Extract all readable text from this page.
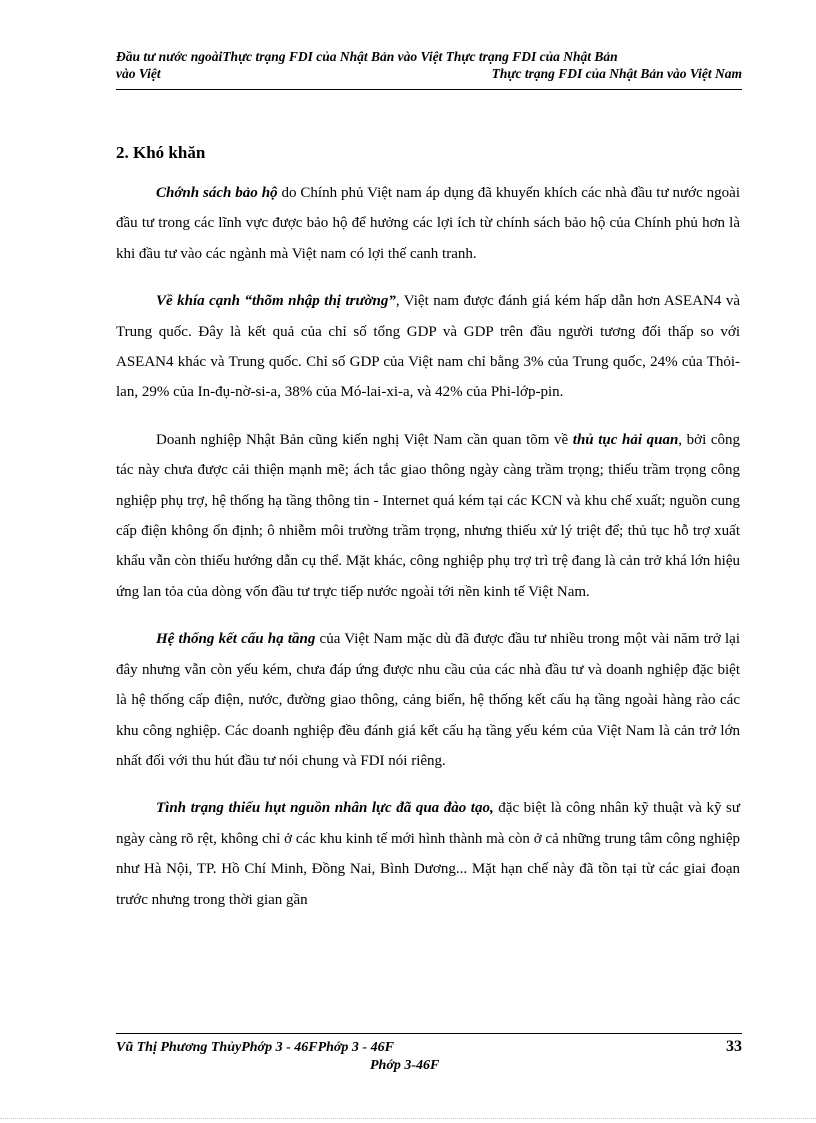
Đầu tư nước ngoàiThực trạng FDI của Nhật Bản vào Việt Thực trạng FDI của Nhật Bản
vào Việt	Thực trạng FDI của Nhật Bản vào Việt Nam
2. Khó khăn

Chớnh sách bảo hộ do Chính phủ Việt nam áp dụng đã khuyến khích các nhà đầu tư nước ngoài đầu tư trong các lĩnh vực được bảo hộ để hưởng các lợi ích từ chính sách bảo hộ của Chính phủ hơn là khi đầu tư vào các ngành mà Việt nam có lợi thế canh tranh.

Về khía cạnh “thõm nhập thị trường”, Việt nam được đánh giá kém hấp dẫn hơn ASEAN4 và Trung quốc. Đây là kết quả của chỉ số tổng GDP và GDP trên đầu người tương đối thấp so với ASEAN4 khác và Trung quốc. Chỉ số GDP của Việt nam chỉ bằng 3% của Trung quốc, 24% của Thỏi-lan, 29% của In-đụ-nờ-si-a, 38% của Mó-lai-xi-a, và 42% của Phi-lớp-pin.

Doanh nghiệp Nhật Bản cũng kiến nghị Việt Nam cần quan tõm về thủ tục hải quan, bởi công tác này chưa được cải thiện mạnh mẽ; ách tắc giao thông ngày càng trầm trọng; thiếu trầm trọng công nghiệp phụ trợ, hệ thống hạ tầng thông tin - Internet quá kém tại các KCN và khu chế xuất; nguồn cung cấp điện không ổn định; ô nhiễm môi trường trầm trọng, nhưng thiếu xử lý triệt để; thủ tục hỗ trợ xuất khẩu vẫn còn thiếu hướng dẫn cụ thể. Mặt khác, công nghiệp phụ trợ trì trệ đang là cản trở khá lớn hiệu ứng lan tỏa của dòng vốn đầu tư trực tiếp nước ngoài tới nền kinh tế Việt Nam.

Hệ thống kết cấu hạ tầng của Việt Nam mặc dù đã được đầu tư nhiều trong một vài năm trở lại đây nhưng vẫn còn yếu kém, chưa đáp ứng được nhu cầu của các nhà đầu tư và doanh nghiệp đặc biệt là hệ thống cấp điện, nước, đường giao thông, cảng biển, hệ thống kết cấu hạ tầng ngoài hàng rào các khu công nghiệp. Các doanh nghiệp đều đánh giá kết cấu hạ tầng yếu kém của Việt Nam là cản trở lớn nhất đối với thu hút đầu tư nói chung và FDI nói riêng.

Tình trạng thiếu hụt nguồn nhân lực đã qua đào tạo, đặc biệt là công nhân kỹ thuật và kỹ sư ngày càng rõ rệt, không chỉ ở các khu kinh tế mới hình thành mà còn ở cả những trung tâm công nghiệp như Hà Nội, TP. Hồ Chí Minh, Đồng Nai, Bình Dương... Mặt hạn chế này đã tồn tại từ các giai đoạn trước nhưng trong thời gian gần

Vũ Thị Phương ThủyPhớp 3 - 46FPhớp 3 - 46F
Phớp 3-46F
33
